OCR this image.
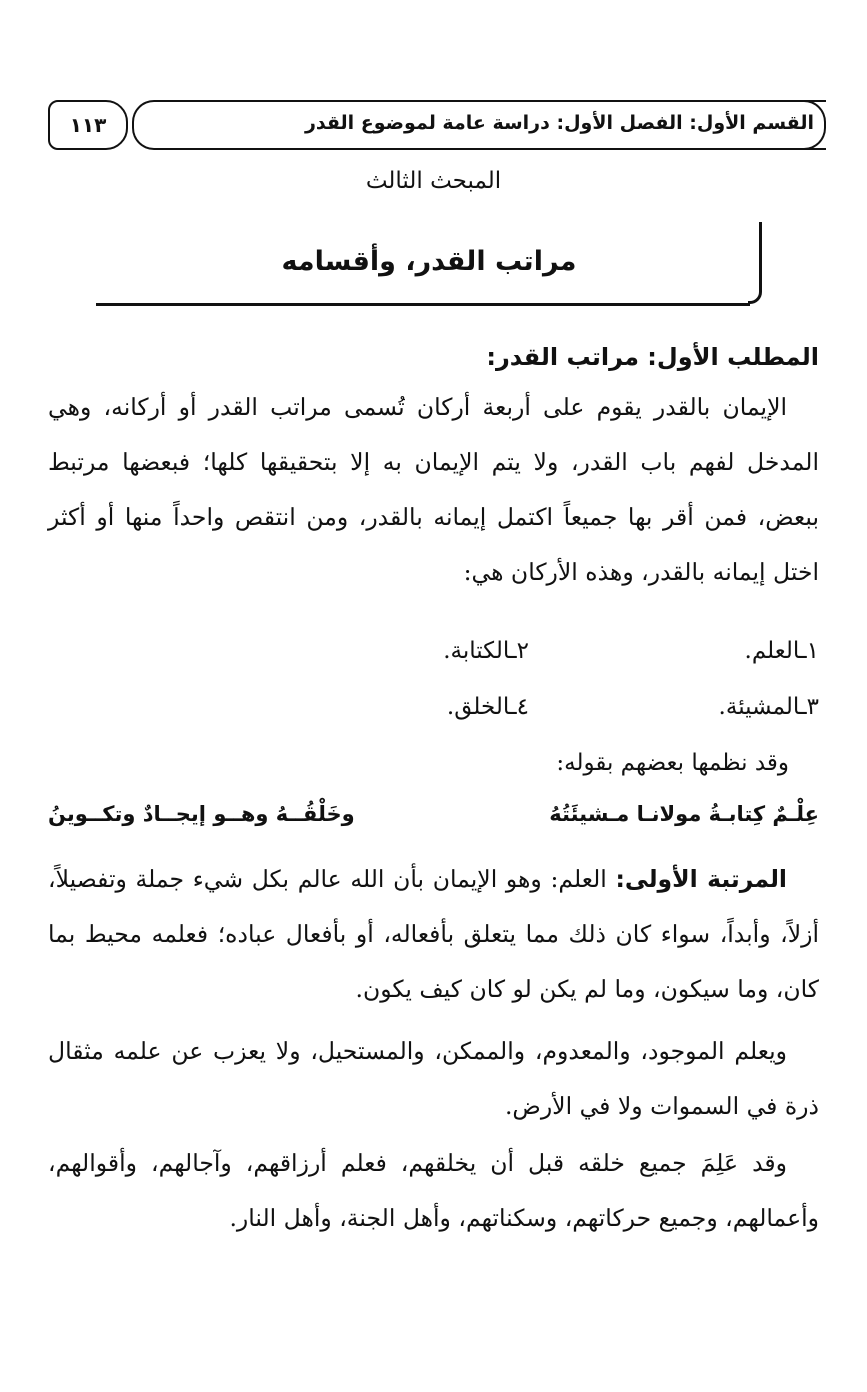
القسم الأول: الفصل الأول: دراسة عامة لموضوع القدر
١١٣
المبحث الثالث
مراتب القدر، وأقسامه
المطلب الأول: مراتب القدر:

الإيمان بالقدر يقوم على أربعة أركان تُسمى مراتب القدر أو أركانه، وهي المدخل لفهم باب القدر، ولا يتم الإيمان به إلا بتحقيقها كلها؛ فبعضها مرتبط ببعض، فمن أقر بها جميعاً اكتمل إيمانه بالقدر، ومن انتقص واحداً منها أو أكثر اختل إيمانه بالقدر، وهذه الأركان هي:

١ـالعلم.
٢ـالكتابة.
٣ـالمشيئة.
٤ـالخلق.
وقد نظمها بعضهم بقوله:
عِلْـمٌ كِتابـةُ مولانـا مـشيئَتُهُ
وخَلْقُــهُ وهــو إيجــادٌ وتكــوينُ

المرتبة الأولى: العلم: وهو الإيمان بأن الله عالم بكل شيء جملة وتفصيلاً، أزلاً، وأبداً، سواء كان ذلك مما يتعلق بأفعاله، أو بأفعال عباده؛ فعلمه محيط بما كان، وما سيكون، وما لم يكن لو كان كيف يكون.

ويعلم الموجود، والمعدوم، والممكن، والمستحيل، ولا يعزب عن علمه مثقال ذرة في السموات ولا في الأرض.

وقد عَلِمَ جميع خلقه قبل أن يخلقهم، فعلم أرزاقهم، وآجالهم، وأقوالهم، وأعمالهم، وجميع حركاتهم، وسكناتهم، وأهل الجنة، وأهل النار.
